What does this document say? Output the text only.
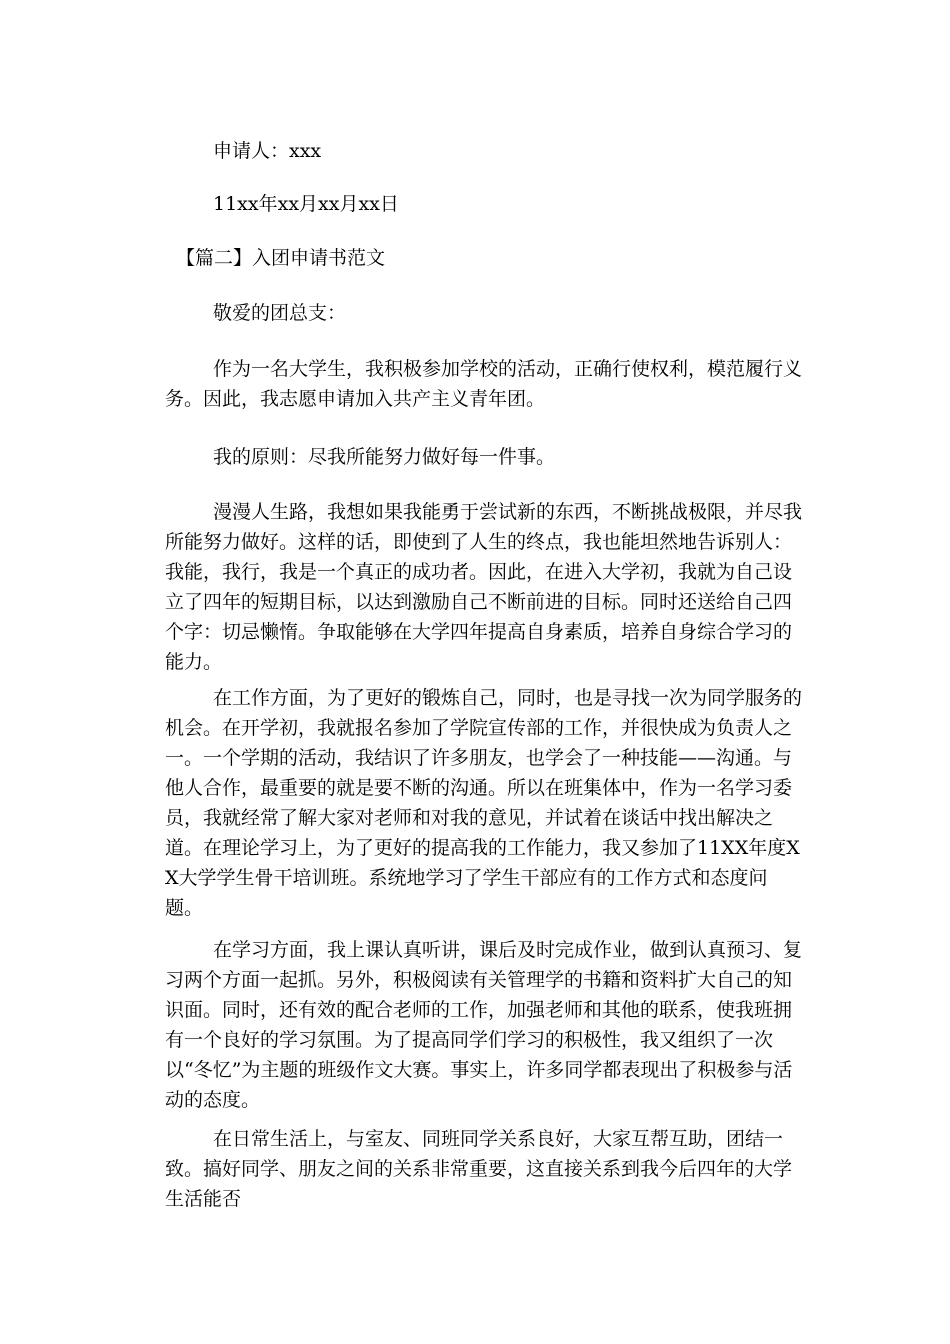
申请人：xxx

11xx年xx月xx月xx日

【篇二】入团申请书范文

敬爱的团总支：

作为一名大学生，我积极参加学校的活动，正确行使权利，模范履行义务。因此，我志愿申请加入共产主义青年团。

我的原则：尽我所能努力做好每一件事。

漫漫人生路，我想如果我能勇于尝试新的东西，不断挑战极限，并尽我所能努力做好。这样的话，即使到了人生的终点，我也能坦然地告诉别人：我能，我行，我是一个真正的成功者。因此，在进入大学初，我就为自己设立了四年的短期目标，以达到激励自己不断前进的目标。同时还送给自己四个字：切忌懒惰。争取能够在大学四年提高自身素质，培养自身综合学习的能力。

在工作方面，为了更好的锻炼自己，同时，也是寻找一次为同学服务的机会。在开学初，我就报名参加了学院宣传部的工作，并很快成为负责人之一。一个学期的活动，我结识了许多朋友，也学会了一种技能——沟通。与他人合作，最重要的就是要不断的沟通。所以在班集体中，作为一名学习委员，我就经常了解大家对老师和对我的意见，并试着在谈话中找出解决之道。在理论学习上，为了更好的提高我的工作能力，我又参加了11XX年度XX大学学生骨干培训班。系统地学习了学生干部应有的工作方式和态度问题。

在学习方面，我上课认真听讲，课后及时完成作业，做到认真预习、复习两个方面一起抓。另外，积极阅读有关管理学的书籍和资料扩大自己的知识面。同时，还有效的配合老师的工作，加强老师和其他的联系，使我班拥有一个良好的学习氛围。为了提高同学们学习的积极性，我又组织了一次以“冬忆”为主题的班级作文大赛。事实上，许多同学都表现出了积极参与活动的态度。

在日常生活上，与室友、同班同学关系良好，大家互帮互助，团结一致。搞好同学、朋友之间的关系非常重要，这直接关系到我今后四年的大学生活能否
